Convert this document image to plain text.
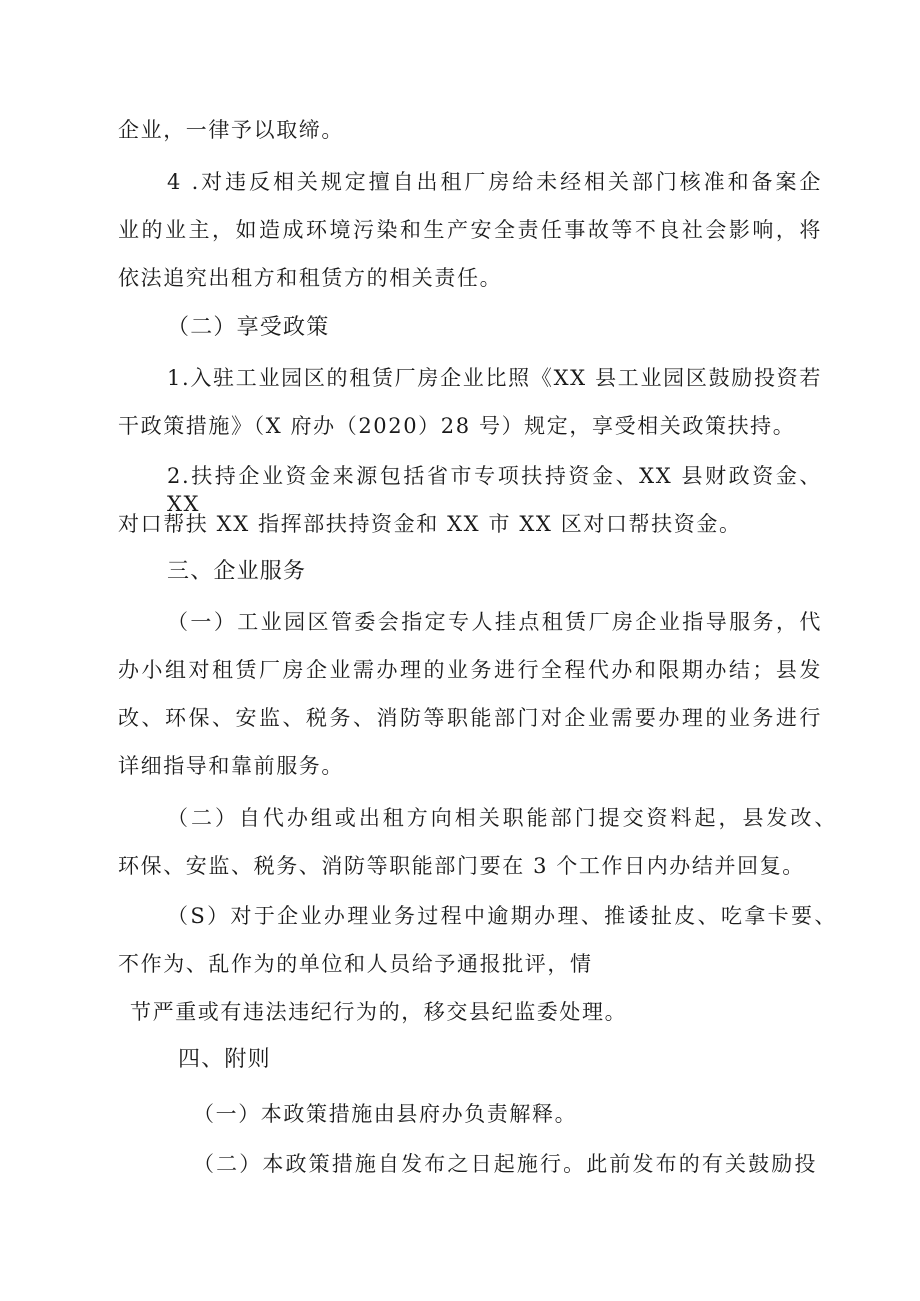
企业，一律予以取缔。
4 .对违反相关规定擅自出租厂房给未经相关部门核准和备案企
业的业主，如造成环境污染和生产安全责任事故等不良社会影响，将
依法追究出租方和租赁方的相关责任。
（二）享受政策
1.入驻工业园区的租赁厂房企业比照《XX 县工业园区鼓励投资若
干政策措施》（X 府办（2020）28 号）规定，享受相关政策扶持。
2.扶持企业资金来源包括省市专项扶持资金、XX 县财政资金、XX
对口帮扶 XX 指挥部扶持资金和 XX 市 XX 区对口帮扶资金。
三、企业服务
（一）工业园区管委会指定专人挂点租赁厂房企业指导服务，代
办小组对租赁厂房企业需办理的业务进行全程代办和限期办结；县发
改、环保、安监、税务、消防等职能部门对企业需要办理的业务进行
详细指导和靠前服务。
（二）自代办组或出租方向相关职能部门提交资料起，县发改、
环保、安监、税务、消防等职能部门要在 3 个工作日内办结并回复。
（S）对于企业办理业务过程中逾期办理、推诿扯皮、吃拿卡要、
不作为、乱作为的单位和人员给予通报批评，情
节严重或有违法违纪行为的，移交县纪监委处理。
四、附则
（一）本政策措施由县府办负责解释。
（二）本政策措施自发布之日起施行。此前发布的有关鼓励投
